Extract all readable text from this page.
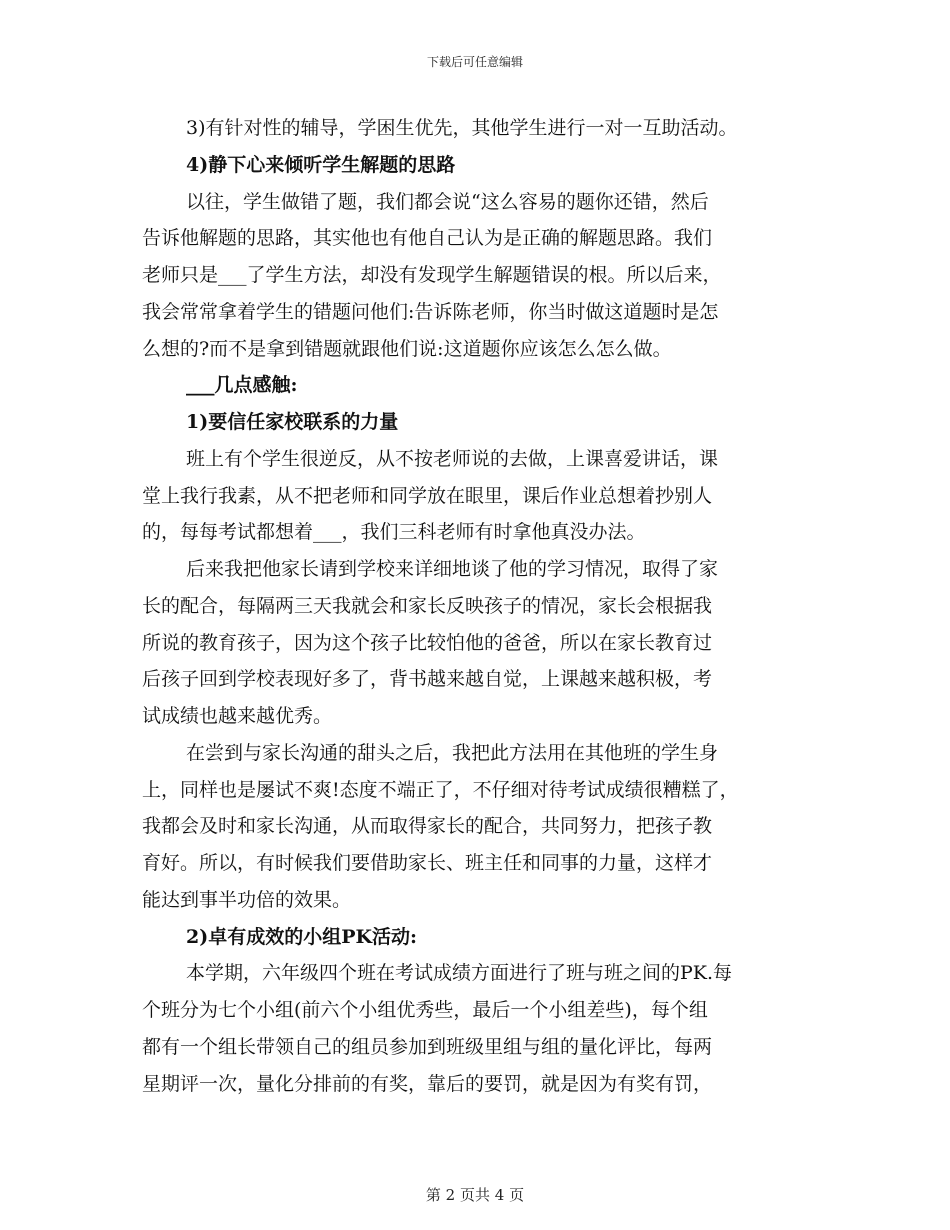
下载后可任意编辑
3)有针对性的辅导，学困生优先，其他学生进行一对一互助活动。
4)静下心来倾听学生解题的思路
以往，学生做错了题，我们都会说“这么容易的题你还错，然后
告诉他解题的思路，其实他也有他自己认为是正确的解题思路。我们
老师只是___了学生方法，却没有发现学生解题错误的根。所以后来，
我会常常拿着学生的错题问他们:告诉陈老师，你当时做这道题时是怎
么想的?而不是拿到错题就跟他们说:这道题你应该怎么怎么做。
___几点感触:
1)要信任家校联系的力量
班上有个学生很逆反，从不按老师说的去做，上课喜爱讲话，课
堂上我行我素，从不把老师和同学放在眼里，课后作业总想着抄别人
的，每每考试都想着___，我们三科老师有时拿他真没办法。
后来我把他家长请到学校来详细地谈了他的学习情况，取得了家
长的配合，每隔两三天我就会和家长反映孩子的情况，家长会根据我
所说的教育孩子，因为这个孩子比较怕他的爸爸，所以在家长教育过
后孩子回到学校表现好多了，背书越来越自觉，上课越来越积极，考
试成绩也越来越优秀。
在尝到与家长沟通的甜头之后，我把此方法用在其他班的学生身
上，同样也是屡试不爽!态度不端正了，不仔细对待考试成绩很糟糕了，
我都会及时和家长沟通，从而取得家长的配合，共同努力，把孩子教
育好。所以，有时候我们要借助家长、班主任和同事的力量，这样才
能达到事半功倍的效果。
2)卓有成效的小组PK活动:
本学期，六年级四个班在考试成绩方面进行了班与班之间的PK.每
个班分为七个小组(前六个小组优秀些，最后一个小组差些)，每个组
都有一个组长带领自己的组员参加到班级里组与组的量化评比，每两
星期评一次，量化分排前的有奖，靠后的要罚，就是因为有奖有罚，
第 2 页共 4 页
